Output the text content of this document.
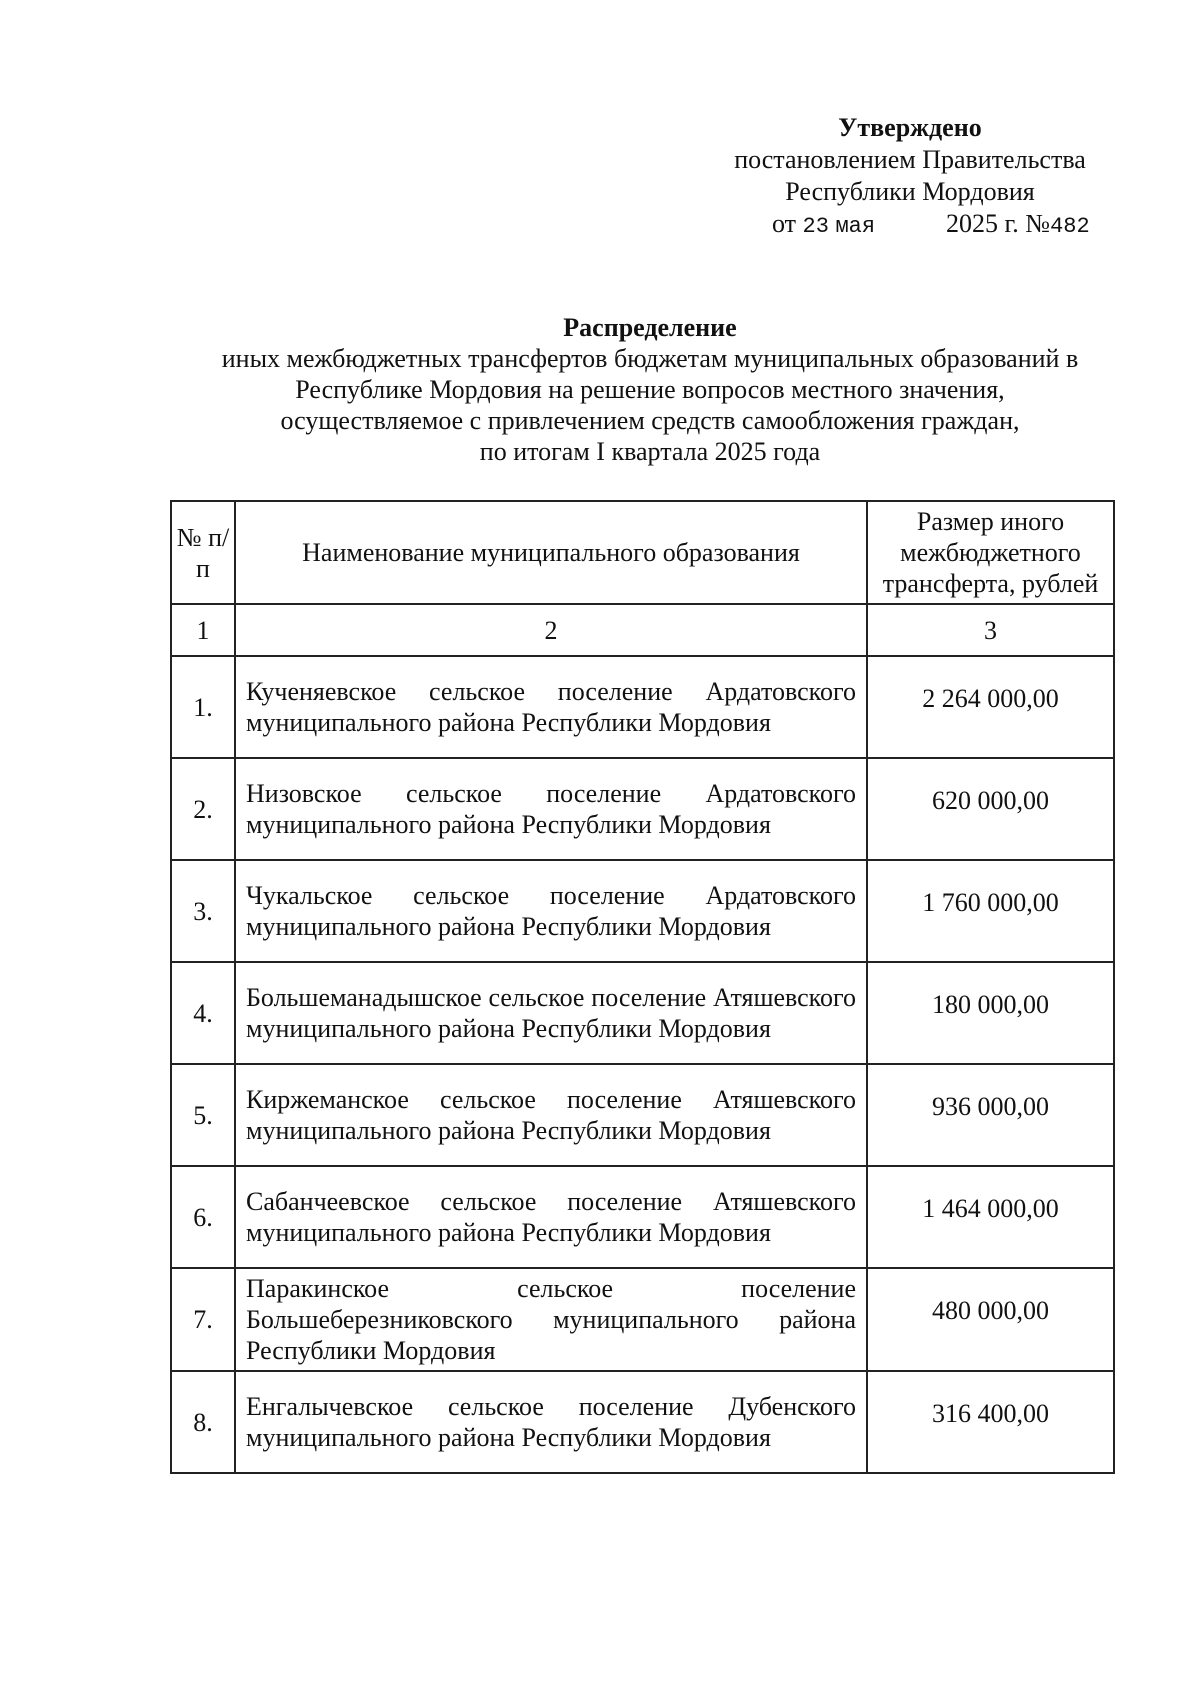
Утверждено
постановлением Правительства
Республики Мордовия
от 23 мая	2025 г. №482
Распределение
иных межбюджетных трансфертов бюджетам муниципальных образований в
Республике Мордовия на решение вопросов местного значения,
осуществляемое с привлечением средств самообложения граждан,
по итогам I квартала 2025 года
№ п/п	Наименование муниципального образования	Размер иного межбюджетного трансферта, рублей
1	2	3
1.	Кученяевское сельское поселение Ардатовского муниципального района Республики Мордовия	2 264 000,00
2.	Низовское сельское поселение Ардатовского муниципального района Республики Мордовия	620 000,00
3.	Чукальское сельское поселение Ардатовского муниципального района Республики Мордовия	1 760 000,00
4.	Большеманадышское сельское поселение Атяшевского муниципального района Республики Мордовия	180 000,00
5.	Киржеманское сельское поселение Атяшевского муниципального района Республики Мордовия	936 000,00
6.	Сабанчеевское сельское поселение Атяшевского муниципального района Республики Мордовия	1 464 000,00
7.	Паракинское сельское поселение Большеберезниковского муниципального района Республики Мордовия	480 000,00
8.	Енгалычевское сельское поселение Дубенского муниципального района Республики Мордовия	316 400,00
